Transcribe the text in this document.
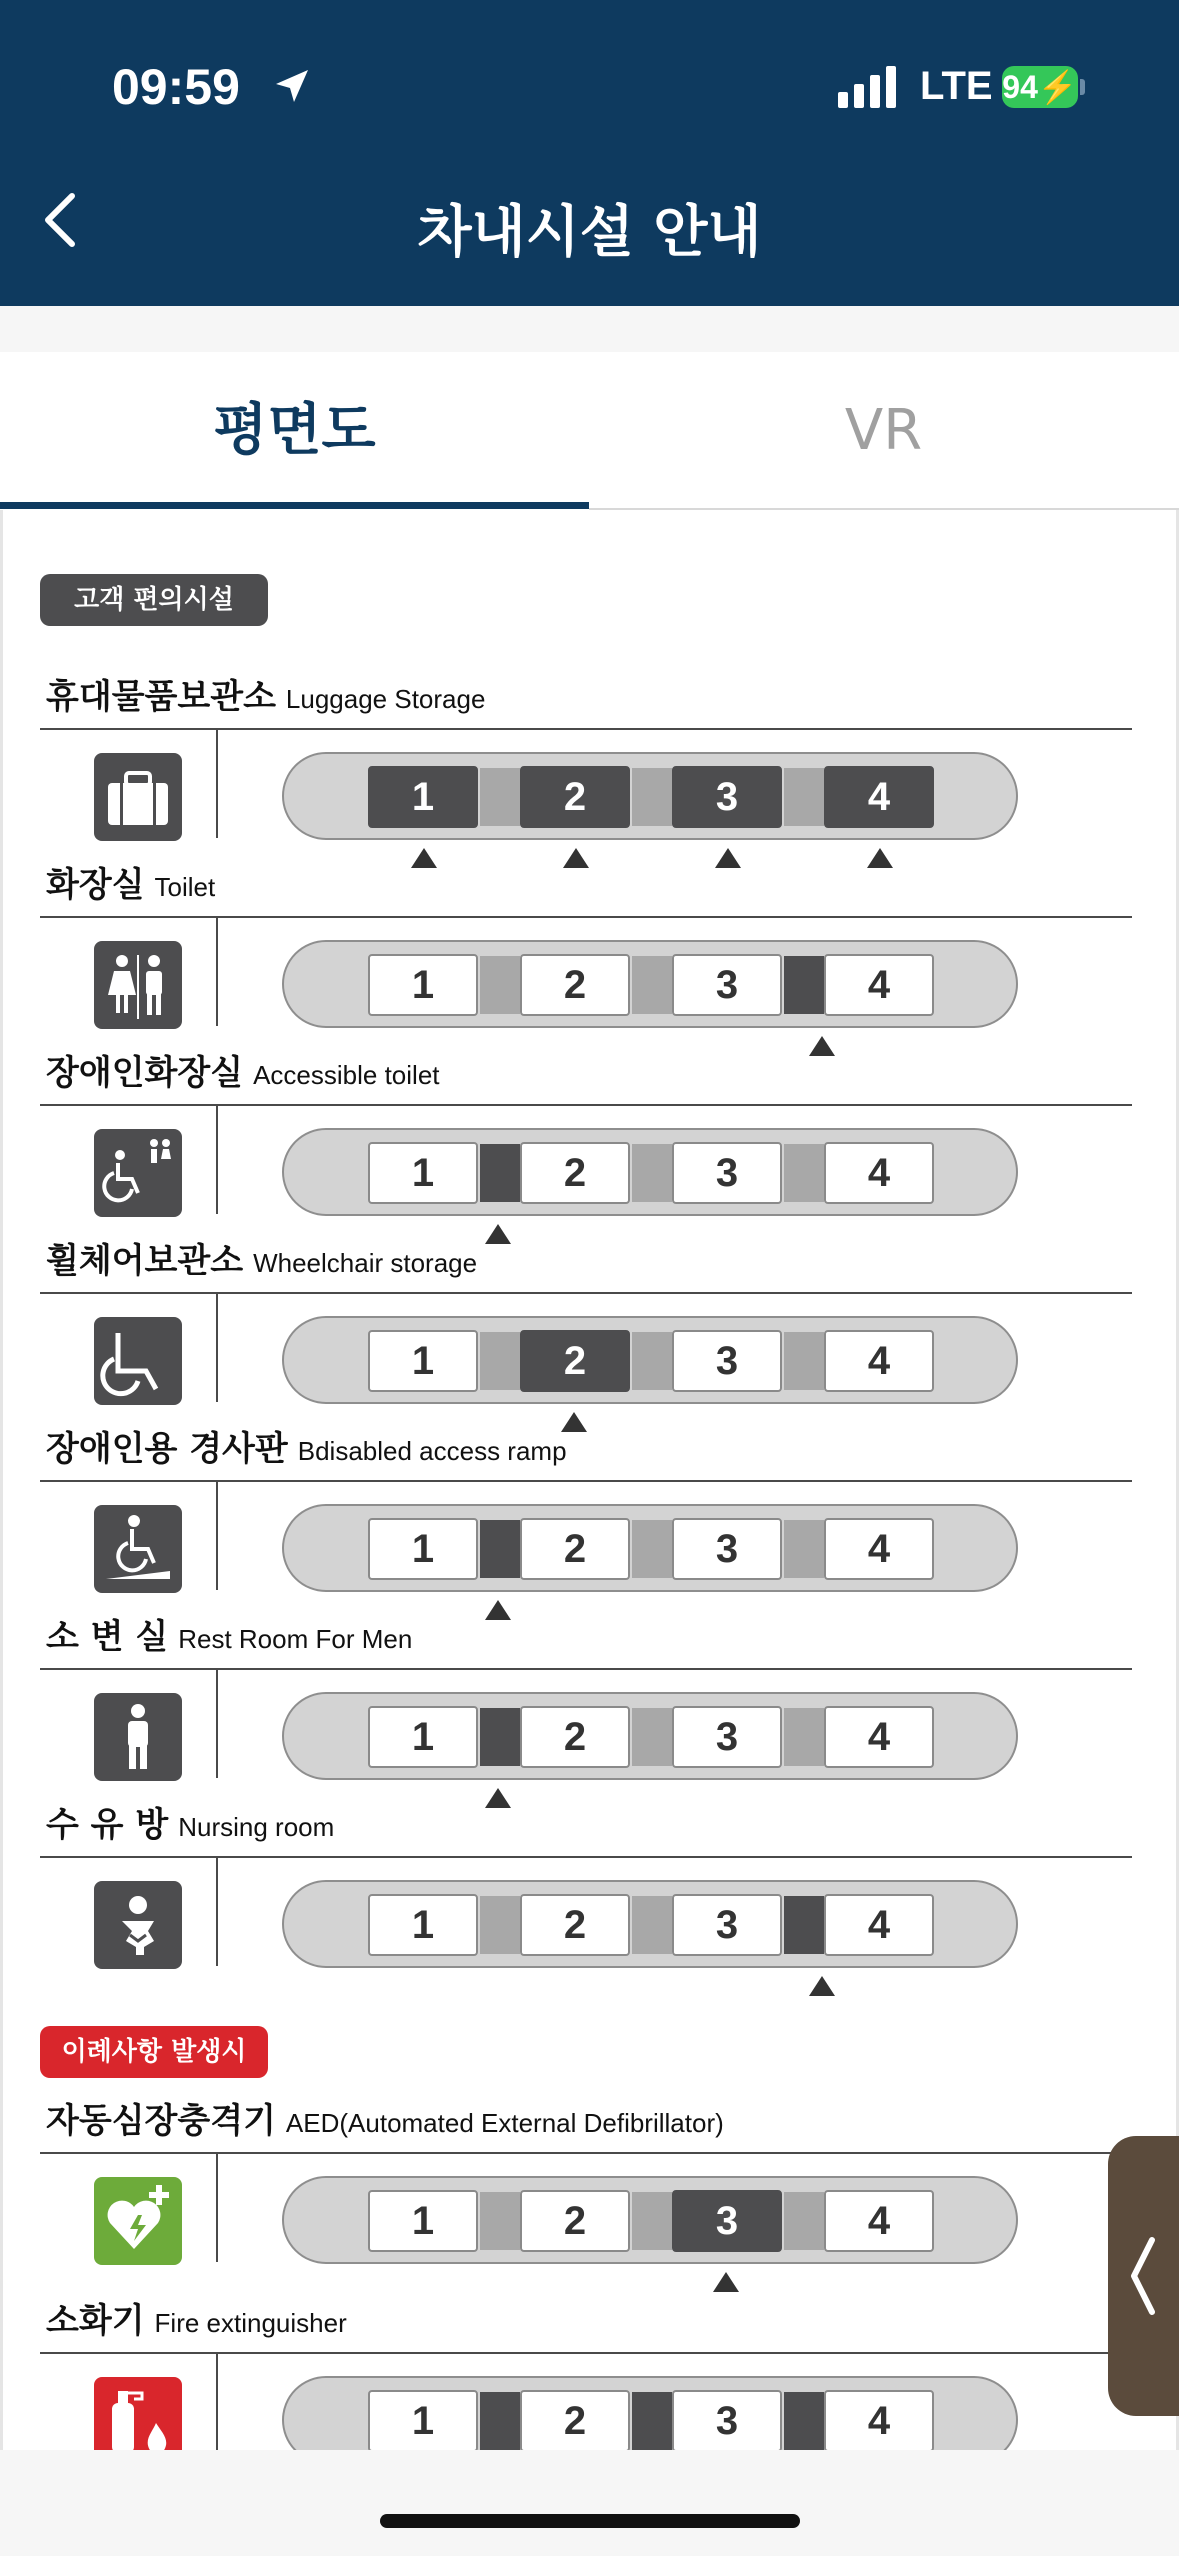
09:59	LTE 94⚡
차내시설 안내
평면도	VR
고객 편의시설
휴대물품보관소 Luggage Storage
1	2	3	4
화장실 Toilet
1	2	3	4
장애인화장실 Accessible toilet
1	2	3	4
휠체어보관소 Wheelchair storage
1	2	3	4
장애인용 경사판 Bdisabled access ramp
1	2	3	4
소 변 실 Rest Room For Men
1	2	3	4
수 유 방 Nursing room
1	2	3	4
이례사항 발생시
자동심장충격기 AED(Automated External Defibrillator)
1	2	3	4
소화기 Fire extinguisher
1	2	3	4
